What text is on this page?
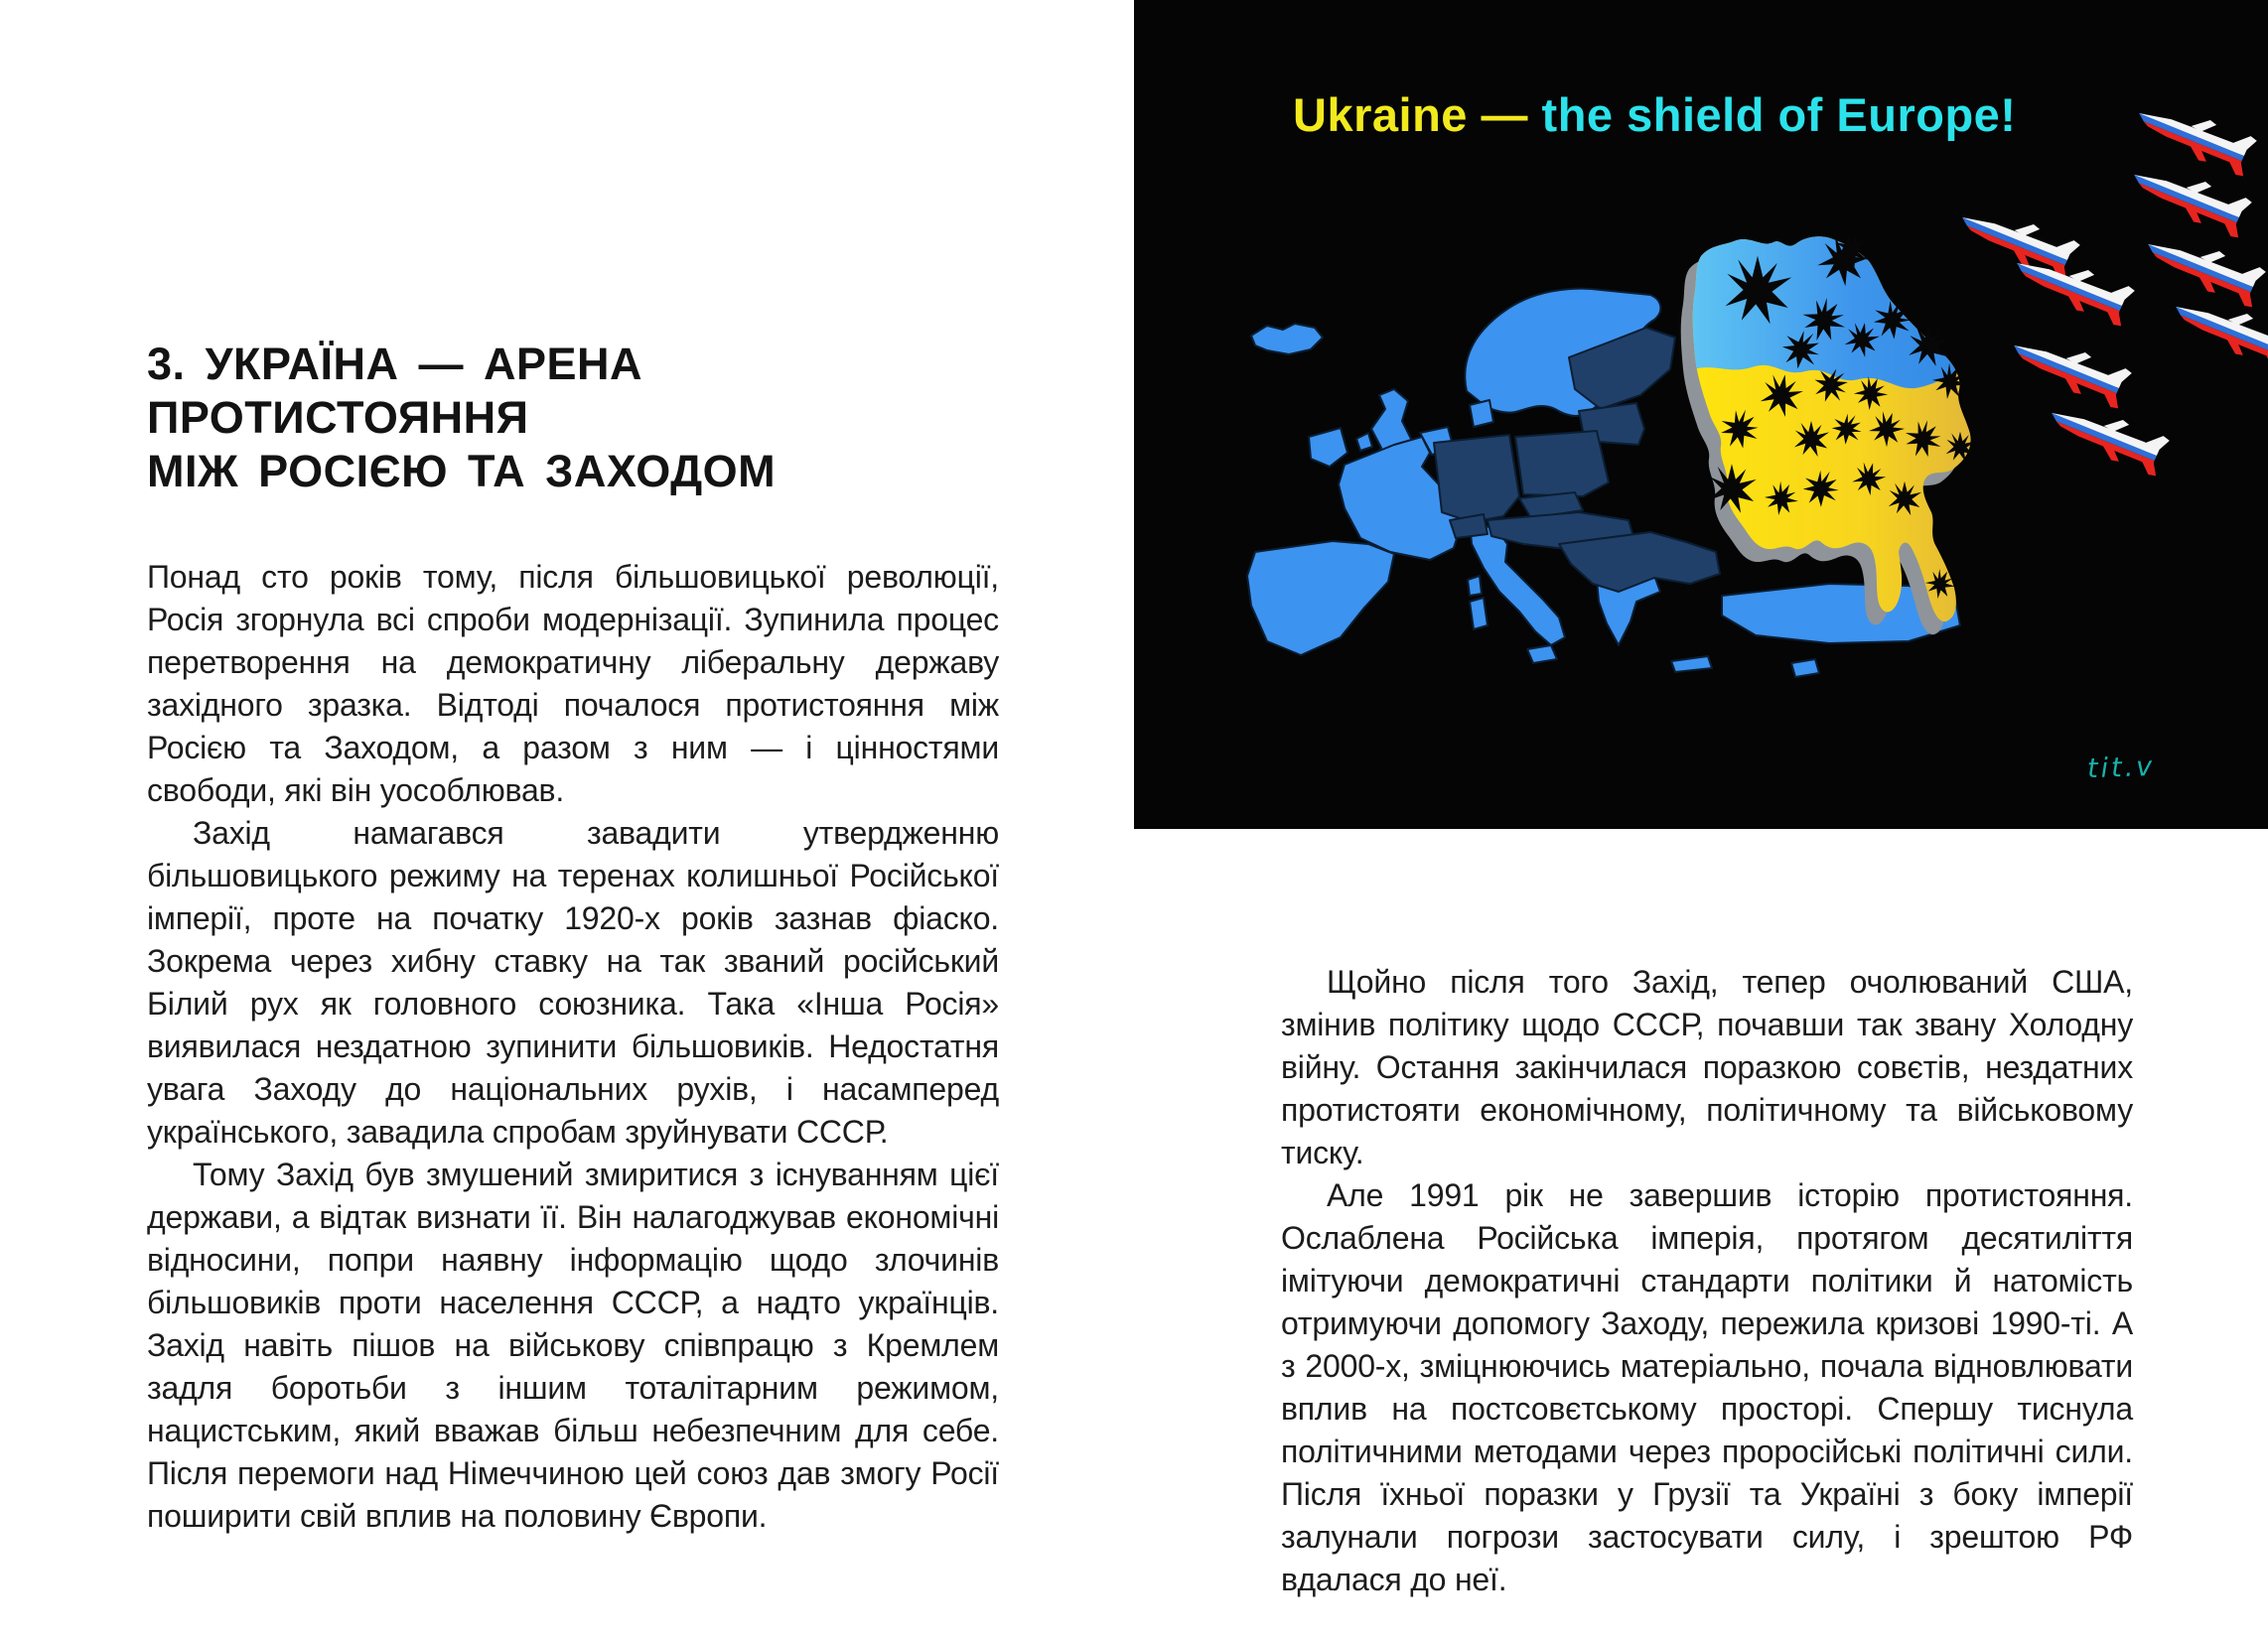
3. УКРАЇНА — АРЕНА ПРОТИСТОЯННЯ
МІЖ РОСІЄЮ ТА ЗАХОДОМ

Понад сто років тому, після більшовицької революції, Росія згорнула всі спроби модернізації. Зупинила процес перетворення на демократичну ліберальну державу західного зразка. Відтоді почалося протистояння між Росією та Заходом, а разом з ним — і цінностями свободи, які він уособлював.

Захід намагався завадити утвердженню більшовицького режиму на теренах колишньої Російської імперії, проте на початку 1920-х років зазнав фіаско. Зокрема через хибну ставку на так званий російський Білий рух як головного союзника. Така «Інша Росія» виявилася нездатною зупинити більшовиків. Недостатня увага Заходу до національних рухів, і насамперед українського, завадила спробам зруйнувати СССР.

Тому Захід був змушений змиритися з існуванням цієї держави, а відтак визнати її. Він налагоджував економічні відносини, попри наявну інформацію щодо злочинів більшовиків проти населення СССР, а надто українців. Захід навіть пішов на військову співпрацю з Кремлем задля боротьби з іншим тоталітарним режимом, нацистським, який вважав більш небезпечним для себе. Після перемоги над Німеччиною цей союз дав змогу Росії поширити свій вплив на половину Європи.

Ukraine — the shield of Europe!
tit.v

Щойно після того Захід, тепер очолюваний США, змінив політику щодо СССР, почавши так звану Холодну війну. Остання закінчилася поразкою совєтів, нездатних протистояти економічному, політичному та військовому тиску.

Але 1991 рік не завершив історію протистояння. Ослаблена Російська імперія, протягом десятиліття імітуючи демократичні стандарти політики й натомість отримуючи допомогу Заходу, пережила кризові 1990-ті. А з 2000-х, зміцнюючись матеріально, почала відновлювати вплив на постсовєтському просторі. Спершу тиснула політичними методами через проросійські політичні сили. Після їхньої поразки у Грузії та Україні з боку імперії залунали погрози застосувати силу, і зрештою РФ вдалася до неї.
